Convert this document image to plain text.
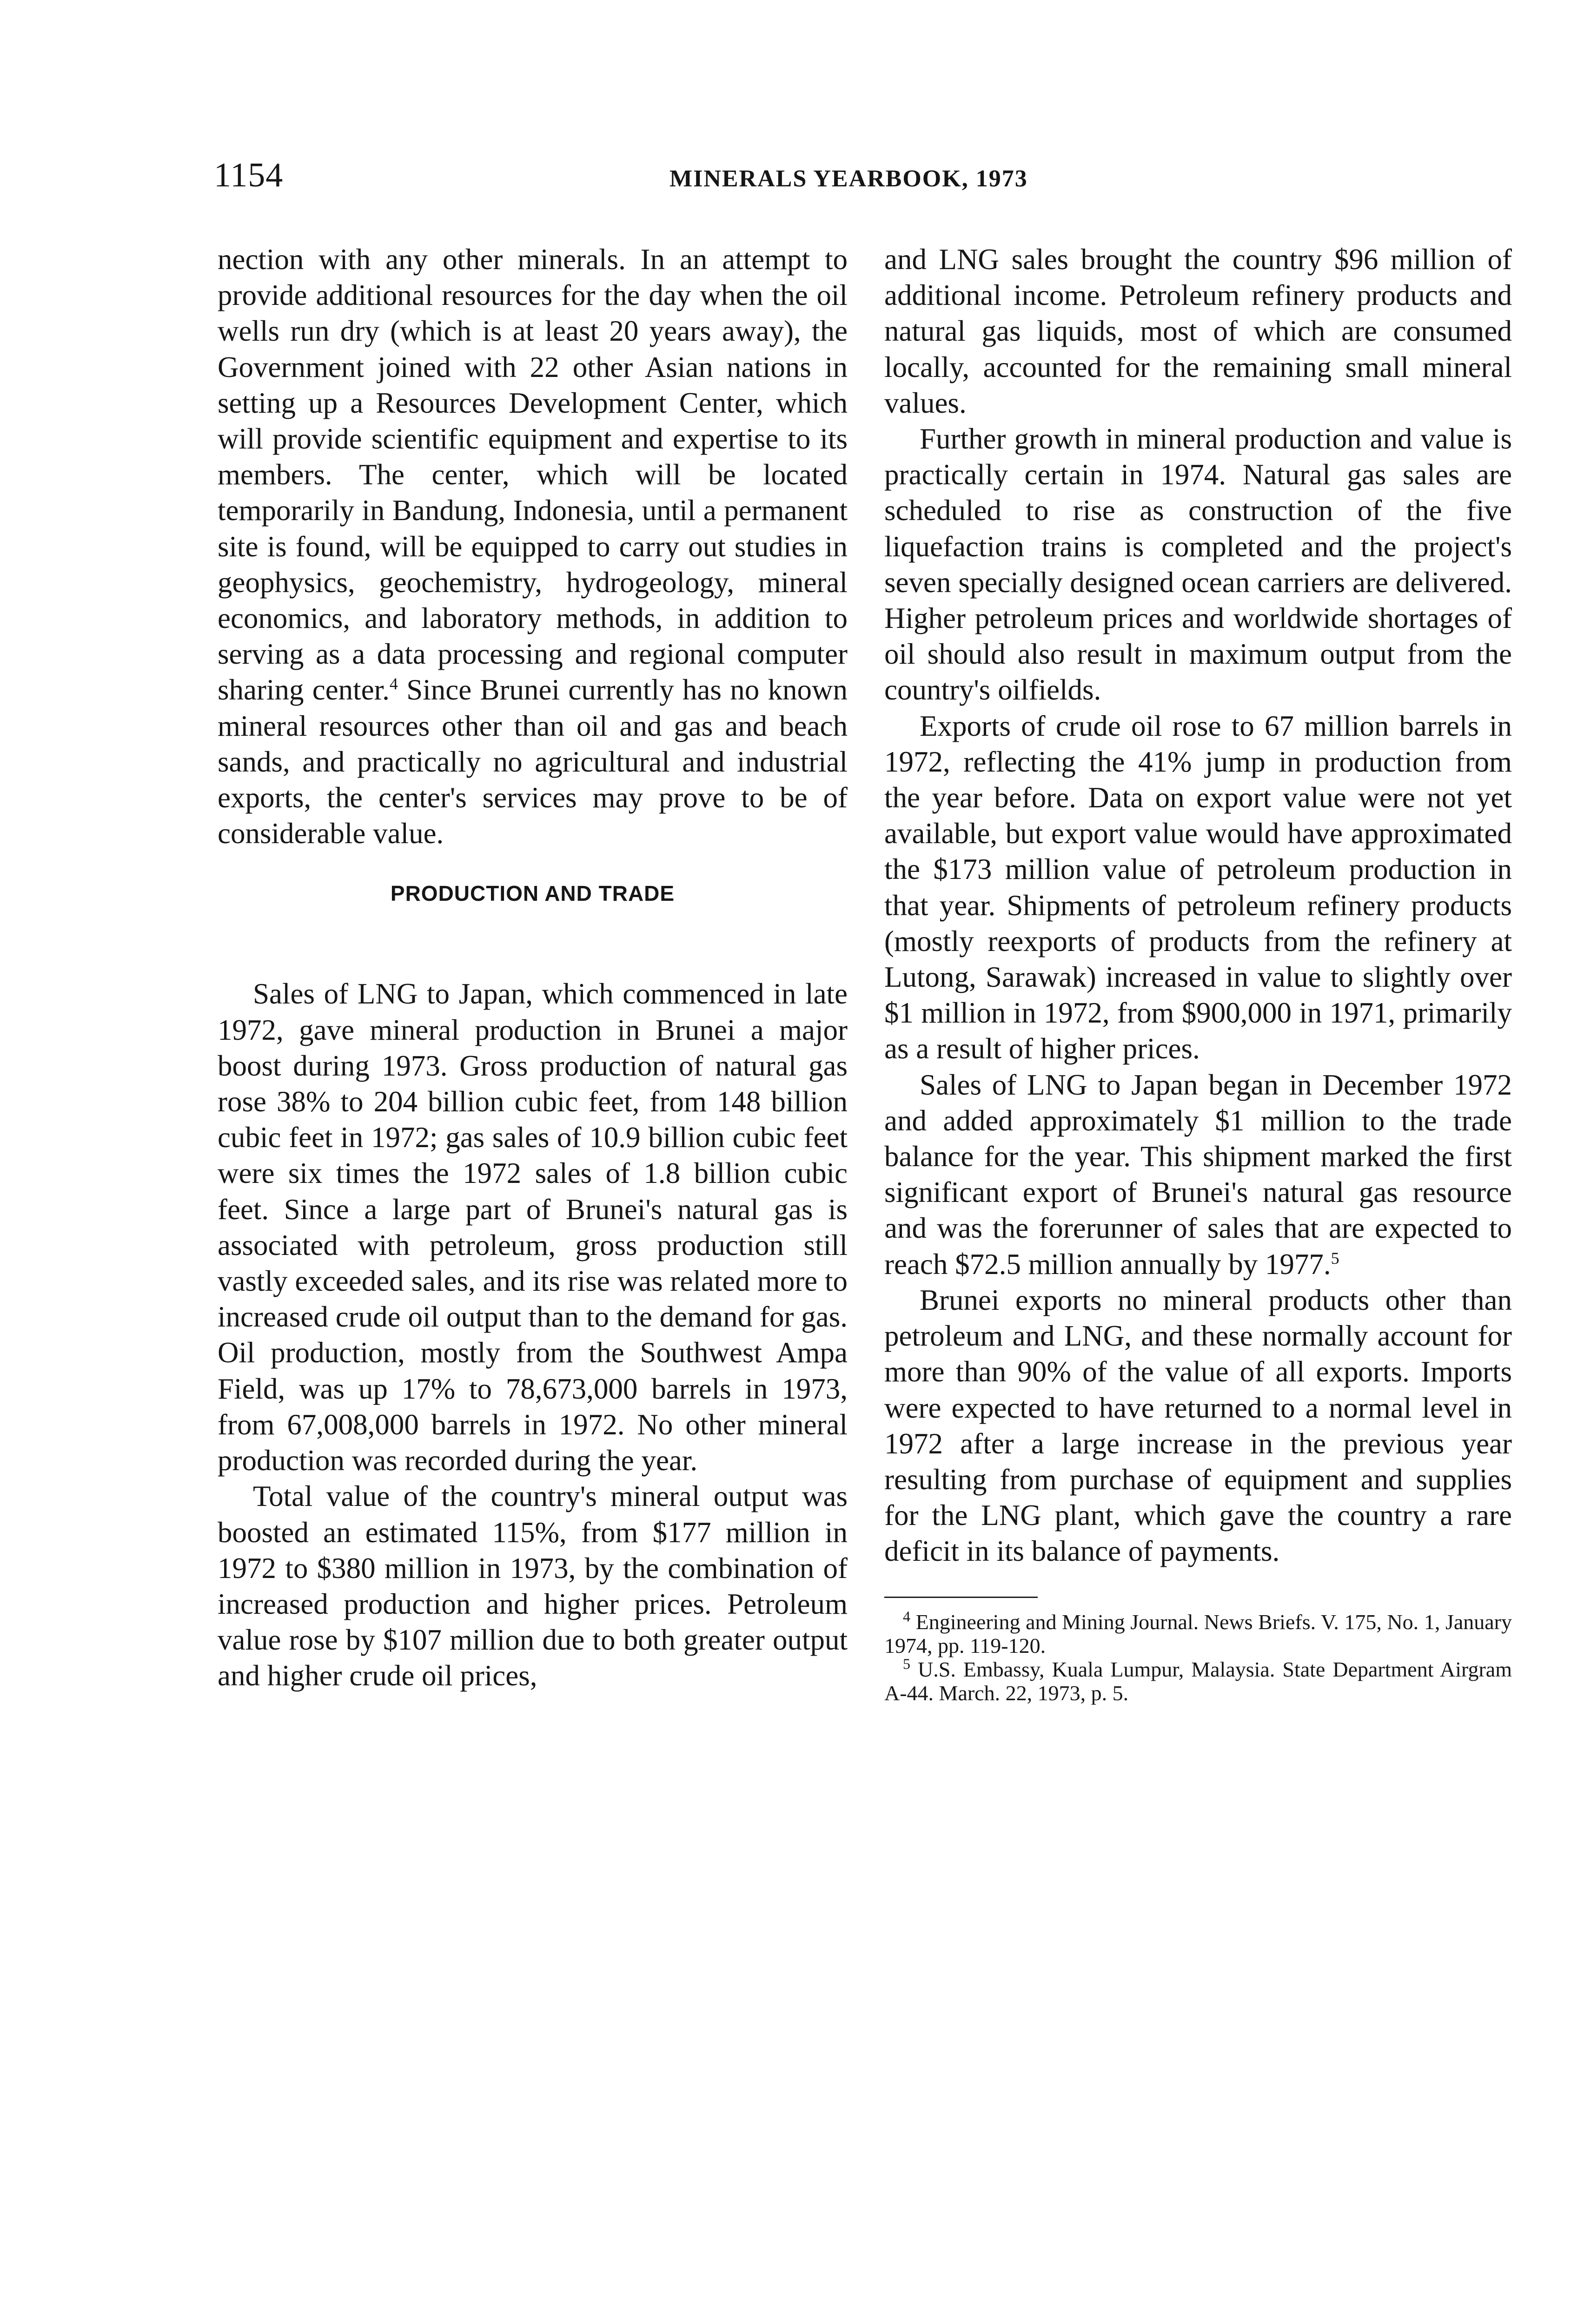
1154	MINERALS YEARBOOK, 1973

nection with any other minerals. In an attempt to provide additional resources for the day when the oil wells run dry (which is at least 20 years away), the Government joined with 22 other Asian nations in setting up a Resources Development Center, which will provide scientific equipment and expertise to its members. The center, which will be located temporarily in Bandung, Indonesia, until a permanent site is found, will be equipped to carry out studies in geophysics, geochemistry, hydrogeology, mineral economics, and laboratory methods, in addition to serving as a data processing and regional computer sharing center.$^4$ Since Brunei currently has no known mineral resources other than oil and gas and beach sands, and practically no agricultural and industrial exports, the center's services may prove to be of considerable value.

PRODUCTION AND TRADE

Sales of LNG to Japan, which commenced in late 1972, gave mineral production in Brunei a major boost during 1973. Gross production of natural gas rose 38% to 204 billion cubic feet, from 148 billion cubic feet in 1972; gas sales of 10.9 billion cubic feet were six times the 1972 sales of 1.8 billion cubic feet. Since a large part of Brunei's natural gas is associated with petroleum, gross production still vastly exceeded sales, and its rise was related more to increased crude oil output than to the demand for gas. Oil production, mostly from the Southwest Ampa Field, was up 17% to 78,673,000 barrels in 1973, from 67,008,000 barrels in 1972. No other mineral production was recorded during the year.

Total value of the country's mineral output was boosted an estimated 115%, from $177 million in 1972 to $380 million in 1973, by the combination of increased production and higher prices. Petroleum value rose by $107 million due to both greater output and higher crude oil prices,

and LNG sales brought the country $96 million of additional income. Petroleum refinery products and natural gas liquids, most of which are consumed locally, accounted for the remaining small mineral values.

Further growth in mineral production and value is practically certain in 1974. Natural gas sales are scheduled to rise as construction of the five liquefaction trains is completed and the project's seven specially designed ocean carriers are delivered. Higher petroleum prices and worldwide shortages of oil should also result in maximum output from the country's oilfields.

Exports of crude oil rose to 67 million barrels in 1972, reflecting the 41% jump in production from the year before. Data on export value were not yet available, but export value would have approximated the $173 million value of petroleum production in that year. Shipments of petroleum refinery products (mostly reexports of products from the refinery at Lutong, Sarawak) increased in value to slightly over $1 million in 1972, from $900,000 in 1971, primarily as a result of higher prices.

Sales of LNG to Japan began in December 1972 and added approximately $1 million to the trade balance for the year. This shipment marked the first significant export of Brunei's natural gas resource and was the forerunner of sales that are expected to reach $72.5 million annually by 1977.$^5$

Brunei exports no mineral products other than petroleum and LNG, and these normally account for more than 90% of the value of all exports. Imports were expected to have returned to a normal level in 1972 after a large increase in the previous year resulting from purchase of equipment and supplies for the LNG plant, which gave the country a rare deficit in its balance of payments.

$^4$ Engineering and Mining Journal. News Briefs. V. 175, No. 1, January 1974, pp. 119-120.

$^5$ U.S. Embassy, Kuala Lumpur, Malaysia. State Department Airgram A-44. March. 22, 1973, p. 5.
